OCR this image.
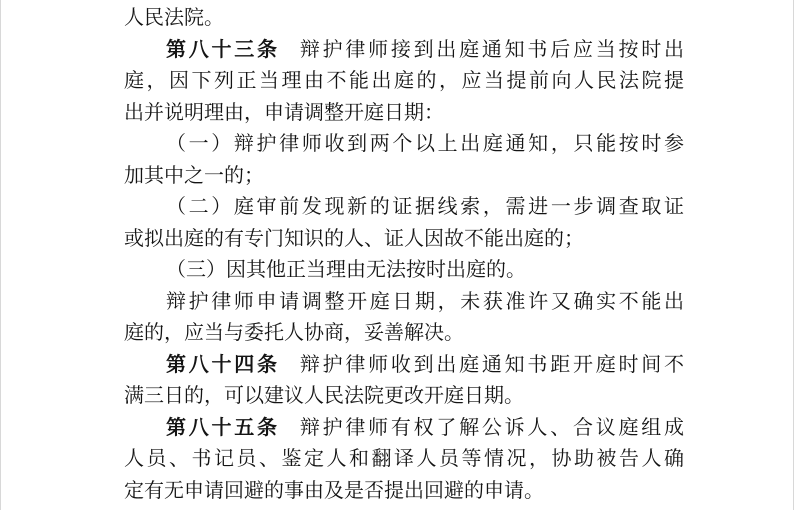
人民法院。
第八十三条 辩护律师接到出庭通知书后应当按时出
庭，因下列正当理由不能出庭的，应当提前向人民法院提
出并说明理由，申请调整开庭日期：
（一）辩护律师收到两个以上出庭通知，只能按时参
加其中之一的；
（二）庭审前发现新的证据线索，需进一步调查取证
或拟出庭的有专门知识的人、证人因故不能出庭的；
（三）因其他正当理由无法按时出庭的。
辩护律师申请调整开庭日期，未获准许又确实不能出
庭的，应当与委托人协商，妥善解决。
第八十四条 辩护律师收到出庭通知书距开庭时间不
满三日的，可以建议人民法院更改开庭日期。
第八十五条 辩护律师有权了解公诉人、合议庭组成
人员、书记员、鉴定人和翻译人员等情况，协助被告人确
定有无申请回避的事由及是否提出回避的申请。
